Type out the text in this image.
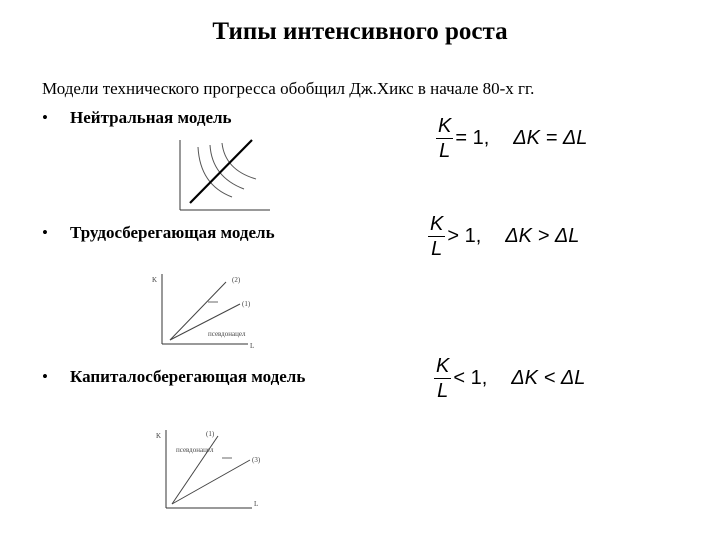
Типы интенсивного роста
Модели технического прогресса обобщил Дж.Хикс в начале 80-х гг.
• Нейтральная модель	$\frac{K}{L} = 1$, ΔK = ΔL
• Трудосберегающая модель
K
L
(2)
(1)
псевдонацел
$\frac{K}{L} > 1$, ΔK > ΔL
• Капиталосберегающая модель
K
L
(1)
(3)
псевдонацел
$\frac{K}{L} < 1$, ΔK < ΔL
